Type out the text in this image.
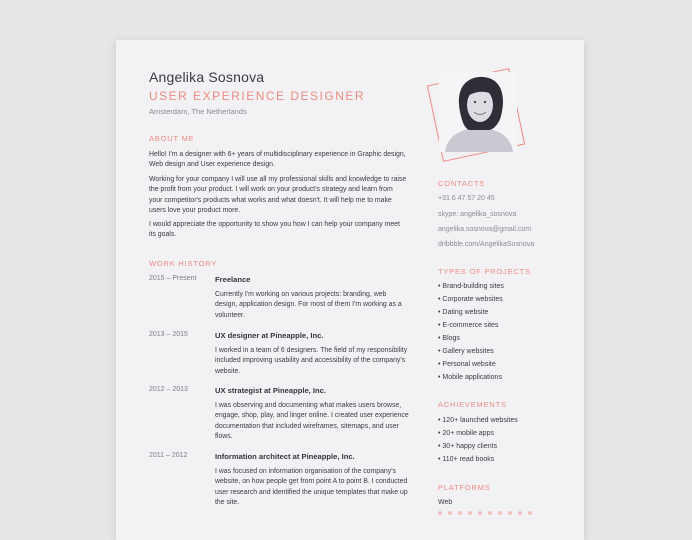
Angelika Sosnova
USER EXPERIENCE DESIGNER
Amsterdam, The Netherlands
ABOUT ME
Hello! I'm a designer with 6+ years of multidisciplinary experience in Graphic design, Web design and User experience design.
Working for your company I will use all my professional skills and knowledge to raise the profit from your product. I will work on your product's strategy and learn from your competitor's products what works and what doesn't. It will help me to make users love your product more.
I would appreciate the opportunity to show you how I can help your company meet its goals.
WORK HISTORY
2015 – Present Freelance
Currently I'm working on various projects: branding, web design, application design. For most of them I'm working as a volunteer.
2013 – 2015	UX designer at Pineapple, Inc.
I worked in a team of 6 designers. The field of my responsibility included improving usability and accessibility of the company's website.
2012 – 2013	UX strategist at Pineapple, Inc.
I was observing and documenting what makes users browse, engage, shop, play, and linger online. I created user experience documentation that included wireframes, sitemaps, and user flows.
2011 – 2012	Information architect at Pineapple, Inc.
I was focused on information organisation of the company's website, on how people get from point A to point B. I conducted user research and identified the unique templates that make up the site.
CONTACTS
+31 6 47 57 20 45
skype: angelika_sosnova
angelika.sosnova@gmail.com
dribbble.com/AngelikaSosnova
TYPES OF PROJECTS
• Brand-building sites
• Corporate websites
• Dating website
• E-commerce sites
• Blogs
• Gallery websites
• Personal website
• Mobile applications
ACHIEVEMENTS
• 120+ launched websites
• 20+ mobile apps
• 30+ happy clients
• 110+ read books
PLATFORMS
Web
